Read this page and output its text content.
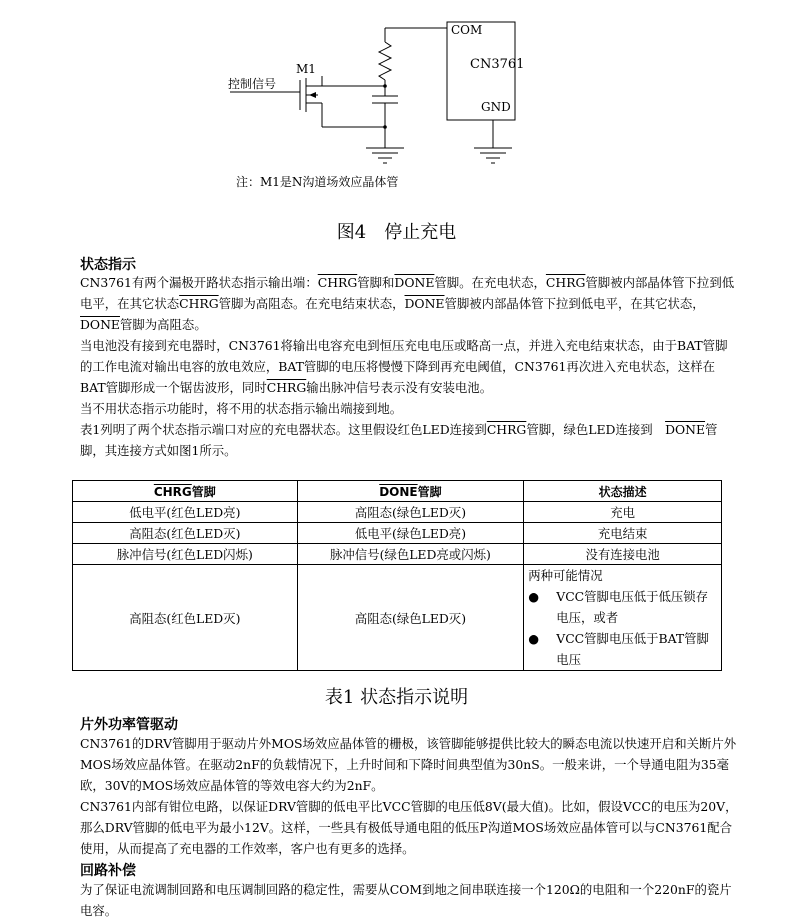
COM
CN3761
GND
M1
控制信号
注：M1是N沟道场效应晶体管
图4　停止充电
状态指示
CN3761有两个漏极开路状态指示输出端：CHRG管脚和DONE管脚。在充电状态，CHRG管脚被内部晶体管下拉到低电平，在其它状态CHRG管脚为高阻态。在充电结束状态，DONE管脚被内部晶体管下拉到低电平，在其它状态，　DONE管脚为高阻态。
当电池没有接到充电器时，CN3761将输出电容充电到恒压充电电压或略高一点，并进入充电结束状态，由于BAT管脚的工作电流对输出电容的放电效应，BAT管脚的电压将慢慢下降到再充电阈值，CN3761再次进入充电状态，这样在BAT管脚形成一个锯齿波形，同时CHRG输出脉冲信号表示没有安装电池。
当不用状态指示功能时，将不用的状态指示输出端接到地。
表1列明了两个状态指示端口对应的充电器状态。这里假设红色LED连接到CHRG管脚，绿色LED连接到　DONE管脚，其连接方式如图1所示。
CHRG管脚	DONE管脚	状态描述
低电平(红色LED亮)	高阻态(绿色LED灭)	充电
高阻态(红色LED灭)	低电平(绿色LED亮)	充电结束
脉冲信号(红色LED闪烁)	脉冲信号(绿色LED亮或闪烁)	没有连接电池
高阻态(红色LED灭)	高阻态(绿色LED灭)	两种可能情况
● VCC管脚电压低于低压锁存电压，或者
● VCC管脚电压低于BAT管脚电压
表1 状态指示说明
片外功率管驱动
CN3761的DRV管脚用于驱动片外MOS场效应晶体管的栅极，该管脚能够提供比较大的瞬态电流以快速开启和关断片外MOS场效应晶体管。在驱动2nF的负载情况下，上升时间和下降时间典型值为30nS。一般来讲，一个导通电阻为35毫欧，30V的MOS场效应晶体管的等效电容大约为2nF。
CN3761内部有钳位电路，以保证DRV管脚的低电平比VCC管脚的电压低8V(最大值)。比如，假设VCC的电压为20V，那么DRV管脚的低电平为最小12V。这样，一些具有极低导通电阻的低压P沟道MOS场效应晶体管可以与CN3761配合使用，从而提高了充电器的工作效率，客户也有更多的选择。
回路补偿
为了保证电流调制回路和电压调制回路的稳定性，需要从COM到地之间串联连接一个120Ω的电阻和一个220nF的瓷片电容。
